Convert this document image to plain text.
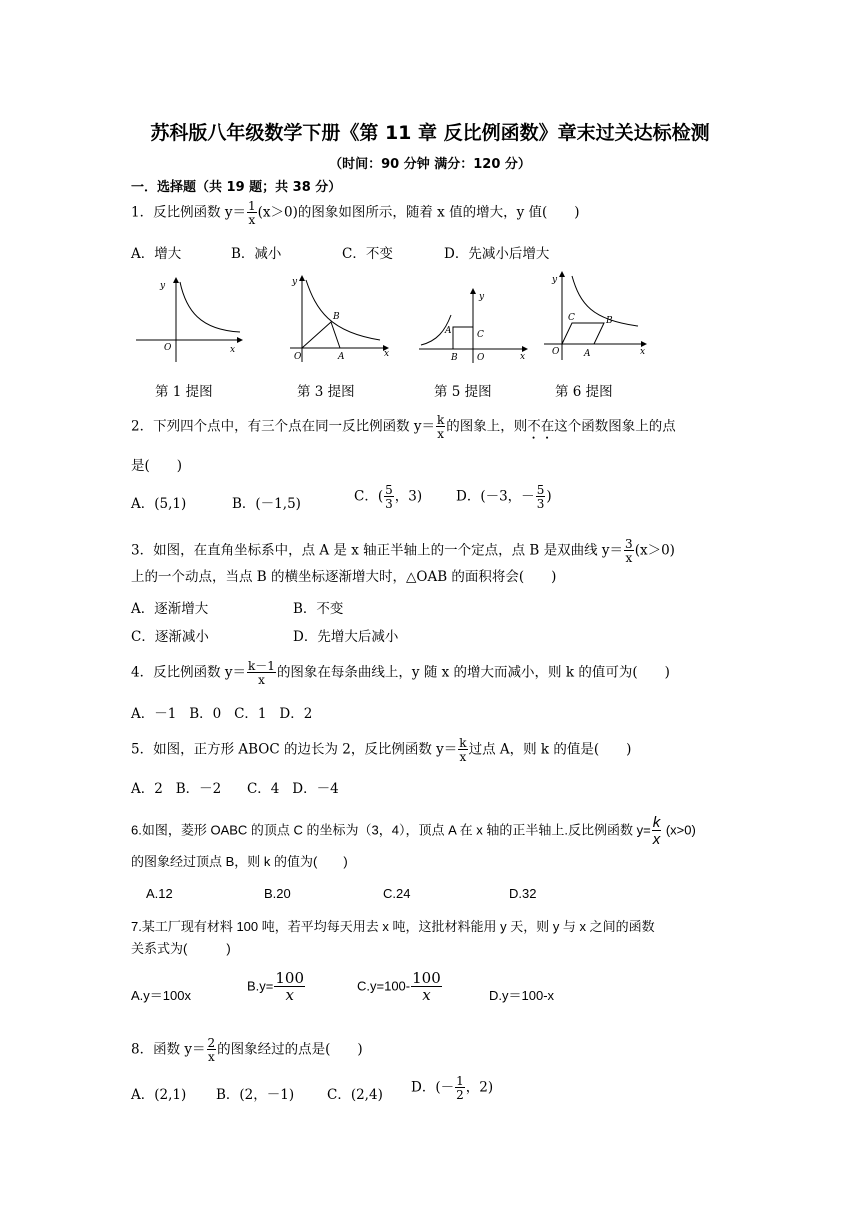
苏科版八年级数学下册《第 11 章 反比例函数》章末过关达标检测
（时间：90 分钟 满分：120 分）
一．选择题（共 19 题；共 38 分）
1．反比例函数 $y= \frac{1}{x} (x>0)$的图象如图所示，随着 x 值的增大，y 值(　　)
A．增大	B．减小	C．不变	D．先减小后增大
x
y
O
x
y
O	A
B
x
y
O
A
B
C
x
y
O	A
B
C
第 1 提图	第 3 提图	第 5 提图	第 6 提图
2．下列四个点中，有三个点在同一反比例函数 $y= \frac{k}{x}$ 的图象上，则不在这个函数图象上的点
是(　　)
A．(5,1)	B．(－1,5)	C．( $\frac{5}{3}$ ，3)	D．(－3，－ $\frac{5}{3}$ )
3．如图，在直角坐标系中，点 A 是 x 轴正半轴上的一个定点，点 B 是双曲线 $y= \frac{3}{x} (x>0)$
上的一个动点，当点 B 的横坐标逐渐增大时，△OAB 的面积将会(　　)
A．逐渐增大	B．不变
C．逐渐减小	D．先增大后减小
4．反比例函数 $y= \frac{k-1}{x}$ 的图象在每条曲线上，y 随 x 的增大而减小，则 k 的值可为(　　)
A．－1   B．0   C．1   D．2
5．如图，正方形 ABOC 的边长为 2，反比例函数 $y= \frac{k}{x}$ 过点 A，则 k 的值是(　　)
A．2   B．－2      C．4   D．－4
6.如图，菱形 OABC 的顶点 C 的坐标为（3，4），顶点 A 在 x 轴的正半轴上.反比例函数 $y= \frac{k}{x} (x>0)$
的图象经过顶点 B，则 k 的值为(　　)
A.12	B.20	C.24	D.32
7.某工厂现有材料 100 吨，若平均每天用去 x 吨，这批材料能用 y 天，则 y 与 x 之间的函数
关系式为(　　　)
A.y＝100x
$B.y= \frac{100}{x}$	$C.y=100- \frac{100}{x}$	D.y＝100-x
8．函数 $y= \frac{2}{x}$ 的图象经过的点是(　　)
A．(2,1) B．(2，－1) C．(2,4) D．(－ $\frac{1}{2}$ ，2)
